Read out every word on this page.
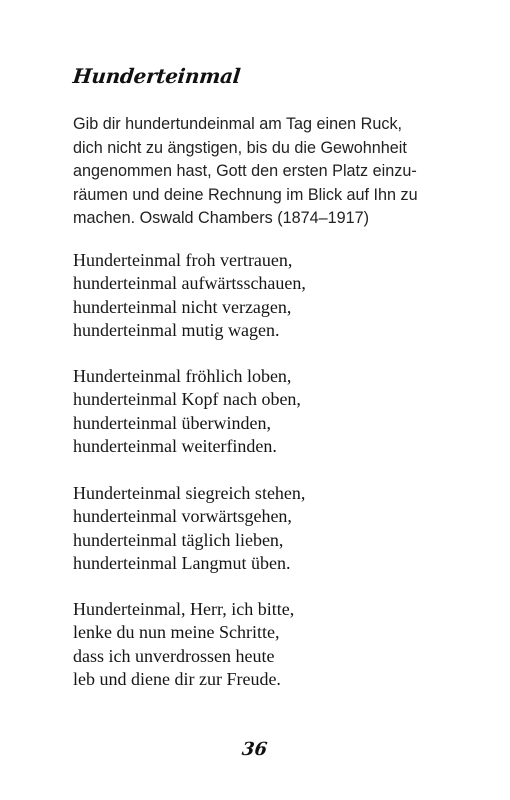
Hunderteinmal
Gib dir hundertundeinmal am Tag einen Ruck,
dich nicht zu ängstigen, bis du die Gewohnheit
angenommen hast, Gott den ersten Platz einzu-
räumen und deine Rechnung im Blick auf Ihn zu
machen. Oswald Chambers (1874–1917)
Hunderteinmal froh vertrauen,
hunderteinmal aufwärtsschauen,
hunderteinmal nicht verzagen,
hunderteinmal mutig wagen.
Hunderteinmal fröhlich loben,
hunderteinmal Kopf nach oben,
hunderteinmal überwinden,
hunderteinmal weiterfinden.
Hunderteinmal siegreich stehen,
hunderteinmal vorwärtsgehen,
hunderteinmal täglich lieben,
hunderteinmal Langmut üben.
Hunderteinmal, Herr, ich bitte,
lenke du nun meine Schritte,
dass ich unverdrossen heute
leb und diene dir zur Freude.
36
